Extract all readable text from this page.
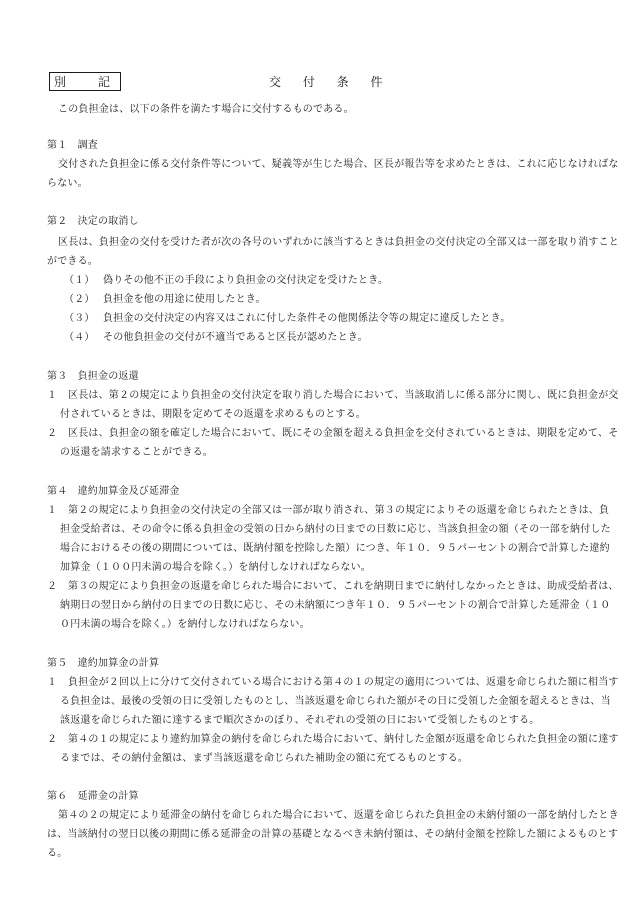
別　記	交 付 条 件

この負担金は、以下の条件を満たす場合に交付するものである。

第１　調査

交付された負担金に係る交付条件等について、疑義等が生じた場合、区長が報告等を求めたときは、これに応じなければならない。

第２　決定の取消し

区長は、負担金の交付を受けた者が次の各号のいずれかに該当するときは負担金の交付決定の全部又は一部を取り消すことができる。

（１） 偽りその他不正の手段により負担金の交付決定を受けたとき。
（２） 負担金を他の用途に使用したとき。
（３） 負担金の交付決定の内容又はこれに付した条件その他関係法令等の規定に違反したとき。
（４） その他負担金の交付が不適当であると区長が認めたとき。

第３　負担金の返還

１	区長は、第２の規定により負担金の交付決定を取り消した場合において、当該取消しに係る部分に関し、既に負担金が交付されているときは、期限を定めてその返還を求めるものとする。
２	区長は、負担金の額を確定した場合において、既にその金額を超える負担金を交付されているときは、期限を定めて、その返還を請求することができる。

第４　違約加算金及び延滞金

１	第２の規定により負担金の交付決定の全部又は一部が取り消され、第３の規定によりその返還を命じられたときは、負担金受給者は、その命令に係る負担金の受領の日から納付の日までの日数に応じ、当該負担金の額（その一部を納付した場合におけるその後の期間については、既納付額を控除した額）につき、年１０．９５パーセントの割合で計算した違約加算金（１００円未満の場合を除く。）を納付しなければならない。
２	第３の規定により負担金の返還を命じられた場合において、これを納期日までに納付しなかったときは、助成受給者は、納期日の翌日から納付の日までの日数に応じ、その未納額につき年１０．９５パーセントの割合で計算した延滞金（１００円未満の場合を除く。）を納付しなければならない。

第５　違約加算金の計算

１	負担金が２回以上に分けて交付されている場合における第４の１の規定の適用については、返還を命じられた額に相当する負担金は、最後の受領の日に受領したものとし、当該返還を命じられた額がその日に受領した金額を超えるときは、当該返還を命じられた額に達するまで順次さかのぼり、それぞれの受領の日において受領したものとする。
２	第４の１の規定により違約加算金の納付を命じられた場合において、納付した金額が返還を命じられた負担金の額に達するまでは、その納付金額は、まず当該返還を命じられた補助金の額に充てるものとする。

第６　延滞金の計算

第４の２の規定により延滞金の納付を命じられた場合において、返還を命じられた負担金の未納付額の一部を納付したときは、当該納付の翌日以後の期間に係る延滞金の計算の基礎となるべき未納付額は、その納付金額を控除した額によるものとする。
